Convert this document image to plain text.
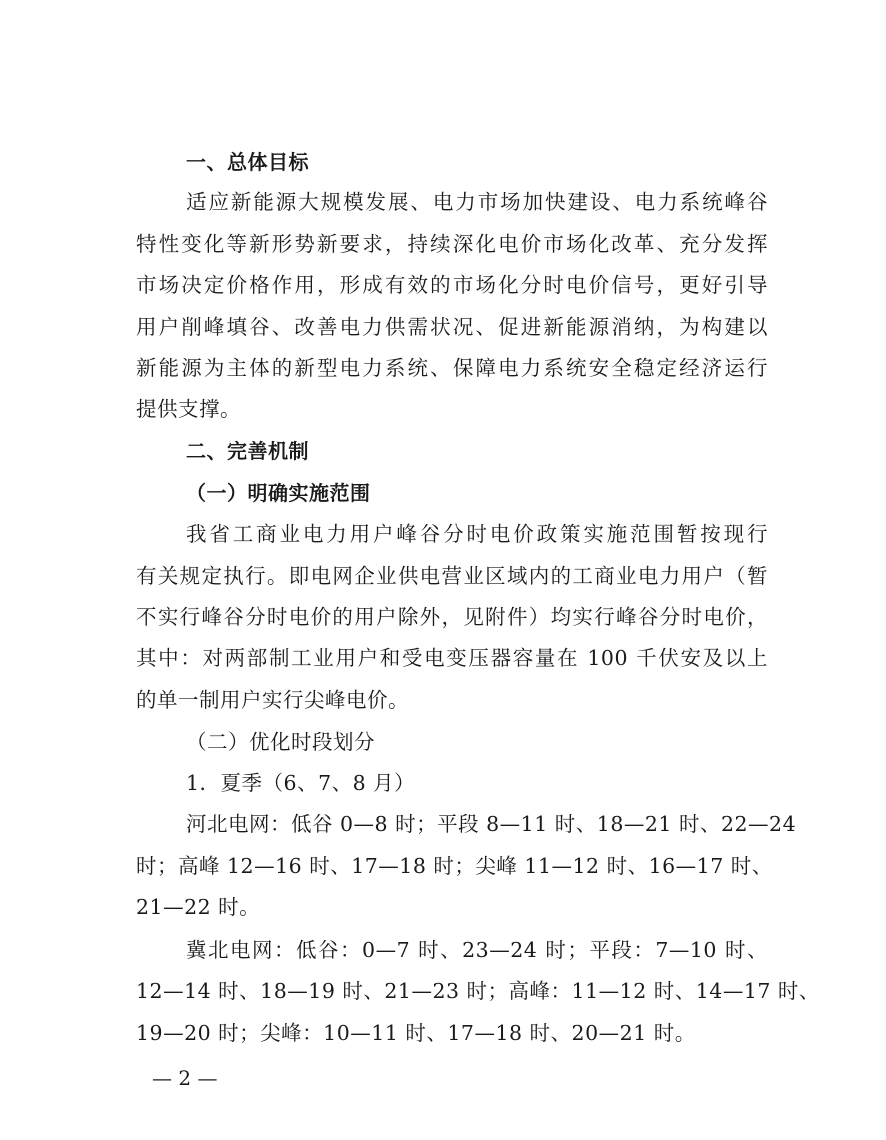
一、总体目标
适应新能源大规模发展、电力市场加快建设、电力系统峰谷
特性变化等新形势新要求，持续深化电价市场化改革、充分发挥
市场决定价格作用，形成有效的市场化分时电价信号，更好引导
用户削峰填谷、改善电力供需状况、促进新能源消纳，为构建以
新能源为主体的新型电力系统、保障电力系统安全稳定经济运行
提供支撑。
二、完善机制
（一）明确实施范围
我省工商业电力用户峰谷分时电价政策实施范围暂按现行
有关规定执行。即电网企业供电营业区域内的工商业电力用户（暂
不实行峰谷分时电价的用户除外，见附件）均实行峰谷分时电价，
其中：对两部制工业用户和受电变压器容量在 100 千伏安及以上
的单一制用户实行尖峰电价。
（二）优化时段划分
1．夏季（6、7、8 月）
河北电网：低谷 0—8 时；平段 8—11 时、18—21 时、22—24
时；高峰 12—16 时、17—18 时；尖峰 11—12 时、16—17 时、
21—22 时。
冀北电网：低谷：0—7 时、23—24 时；平段：7—10 时、
12—14 时、18—19 时、21—23 时；高峰：11—12 时、14—17 时、
19—20 时；尖峰：10—11 时、17—18 时、20—21 时。
— 2 —
